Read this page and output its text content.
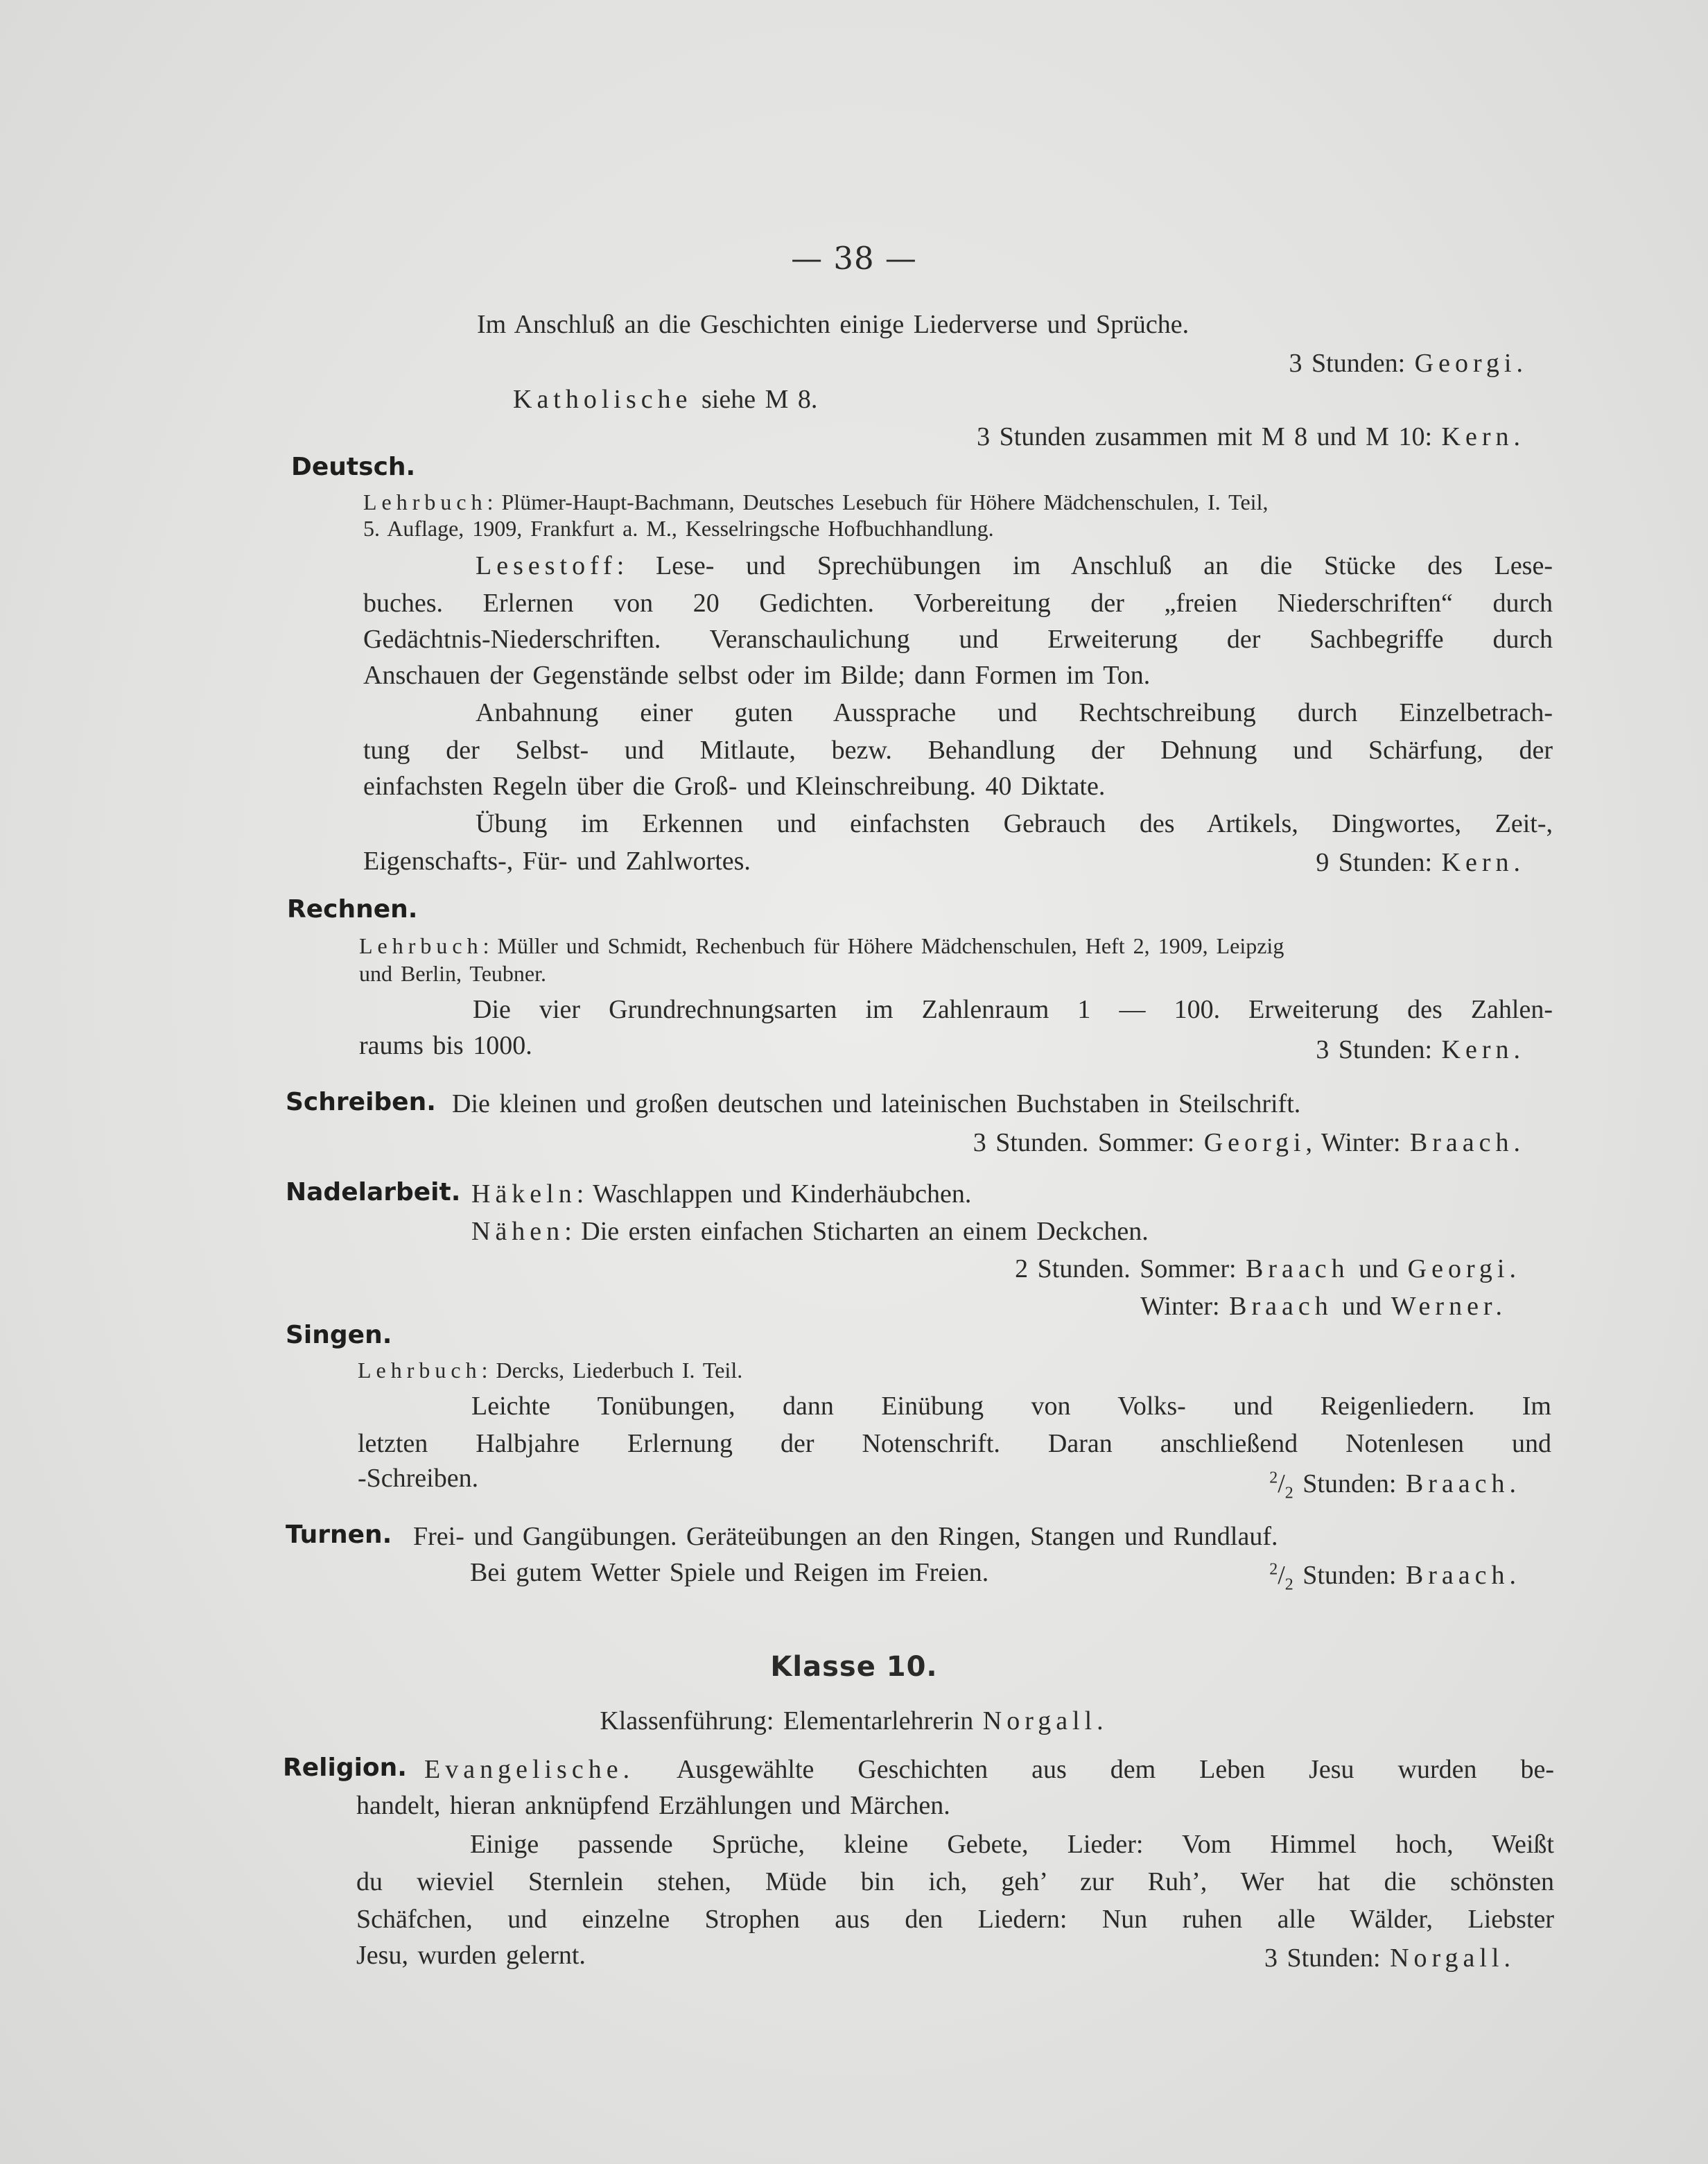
— 38 —
Im Anschluß an die Geschichten einige Liederverse und Sprüche.
3 Stunden: Georgi.
Katholische siehe M 8.
3 Stunden zusammen mit M 8 und M 10: Kern.
Deutsch.
Lehrbuch: Plümer-Haupt-Bachmann, Deutsches Lesebuch für Höhere Mädchenschulen, I. Teil,
5. Auflage, 1909, Frankfurt a. M., Kesselringsche Hofbuchhandlung.
Lesestoff: Lese- und Sprechübungen im Anschluß an die Stücke des Lese-
buches. Erlernen von 20 Gedichten. Vorbereitung der „freien Niederschriften“ durch
Gedächtnis-Niederschriften. Veranschaulichung und Erweiterung der Sachbegriffe durch
Anschauen der Gegenstände selbst oder im Bilde; dann Formen im Ton.
Anbahnung einer guten Aussprache und Rechtschreibung durch Einzelbetrach-
tung der Selbst- und Mitlaute, bezw. Behandlung der Dehnung und Schärfung, der
einfachsten Regeln über die Groß- und Kleinschreibung. 40 Diktate.
Übung im Erkennen und einfachsten Gebrauch des Artikels, Dingwortes, Zeit-,
Eigenschafts-, Für- und Zahlwortes.	9 Stunden: Kern.
Rechnen.
Lehrbuch: Müller und Schmidt, Rechenbuch für Höhere Mädchenschulen, Heft 2, 1909, Leipzig
und Berlin, Teubner.
Die vier Grundrechnungsarten im Zahlenraum 1 — 100. Erweiterung des Zahlen-
raums bis 1000.	3 Stunden: Kern.
Schreiben. Die kleinen und großen deutschen und lateinischen Buchstaben in Steilschrift.
3 Stunden. Sommer: Georgi, Winter: Braach.
Nadelarbeit. Häkeln: Waschlappen und Kinderhäubchen.
Nähen: Die ersten einfachen Sticharten an einem Deckchen.
2 Stunden. Sommer: Braach und Georgi.
Winter: Braach und Werner.
Singen.
Lehrbuch: Dercks, Liederbuch I. Teil.
Leichte Tonübungen, dann Einübung von Volks- und Reigenliedern. Im
letzten Halbjahre Erlernung der Notenschrift. Daran anschließend Notenlesen und
-Schreiben.	$^2/_2$ Stunden: Braach.
Turnen. Frei- und Gangübungen. Geräteübungen an den Ringen, Stangen und Rundlauf.
Bei gutem Wetter Spiele und Reigen im Freien.	$^2/_2$ Stunden: Braach.
Klasse 10.
Klassenführung: Elementarlehrerin Norgall.
Religion. Evangelische. Ausgewählte Geschichten aus dem Leben Jesu wurden be-
handelt, hieran anknüpfend Erzählungen und Märchen.
Einige passende Sprüche, kleine Gebete, Lieder: Vom Himmel hoch, Weißt
du wieviel Sternlein stehen, Müde bin ich, geh’ zur Ruh’, Wer hat die schönsten
Schäfchen, und einzelne Strophen aus den Liedern: Nun ruhen alle Wälder, Liebster
Jesu, wurden gelernt.	3 Stunden: Norgall.
